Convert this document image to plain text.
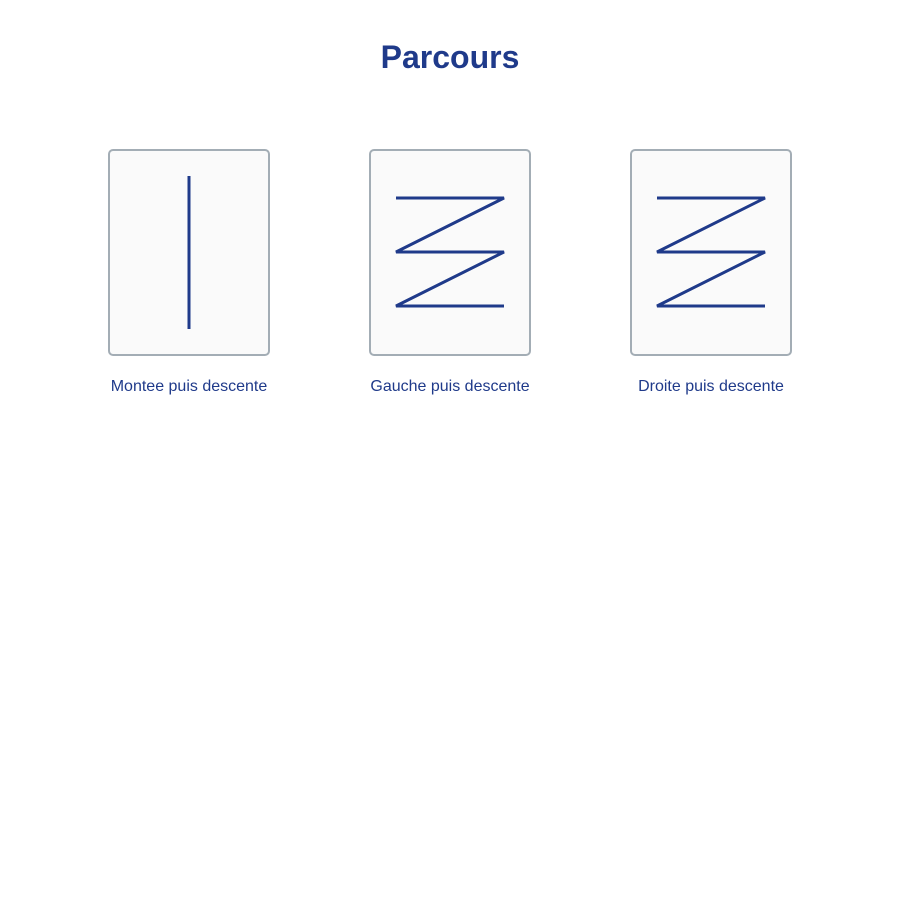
Parcours
Montee puis descente	Gauche puis descente	Droite puis descente
